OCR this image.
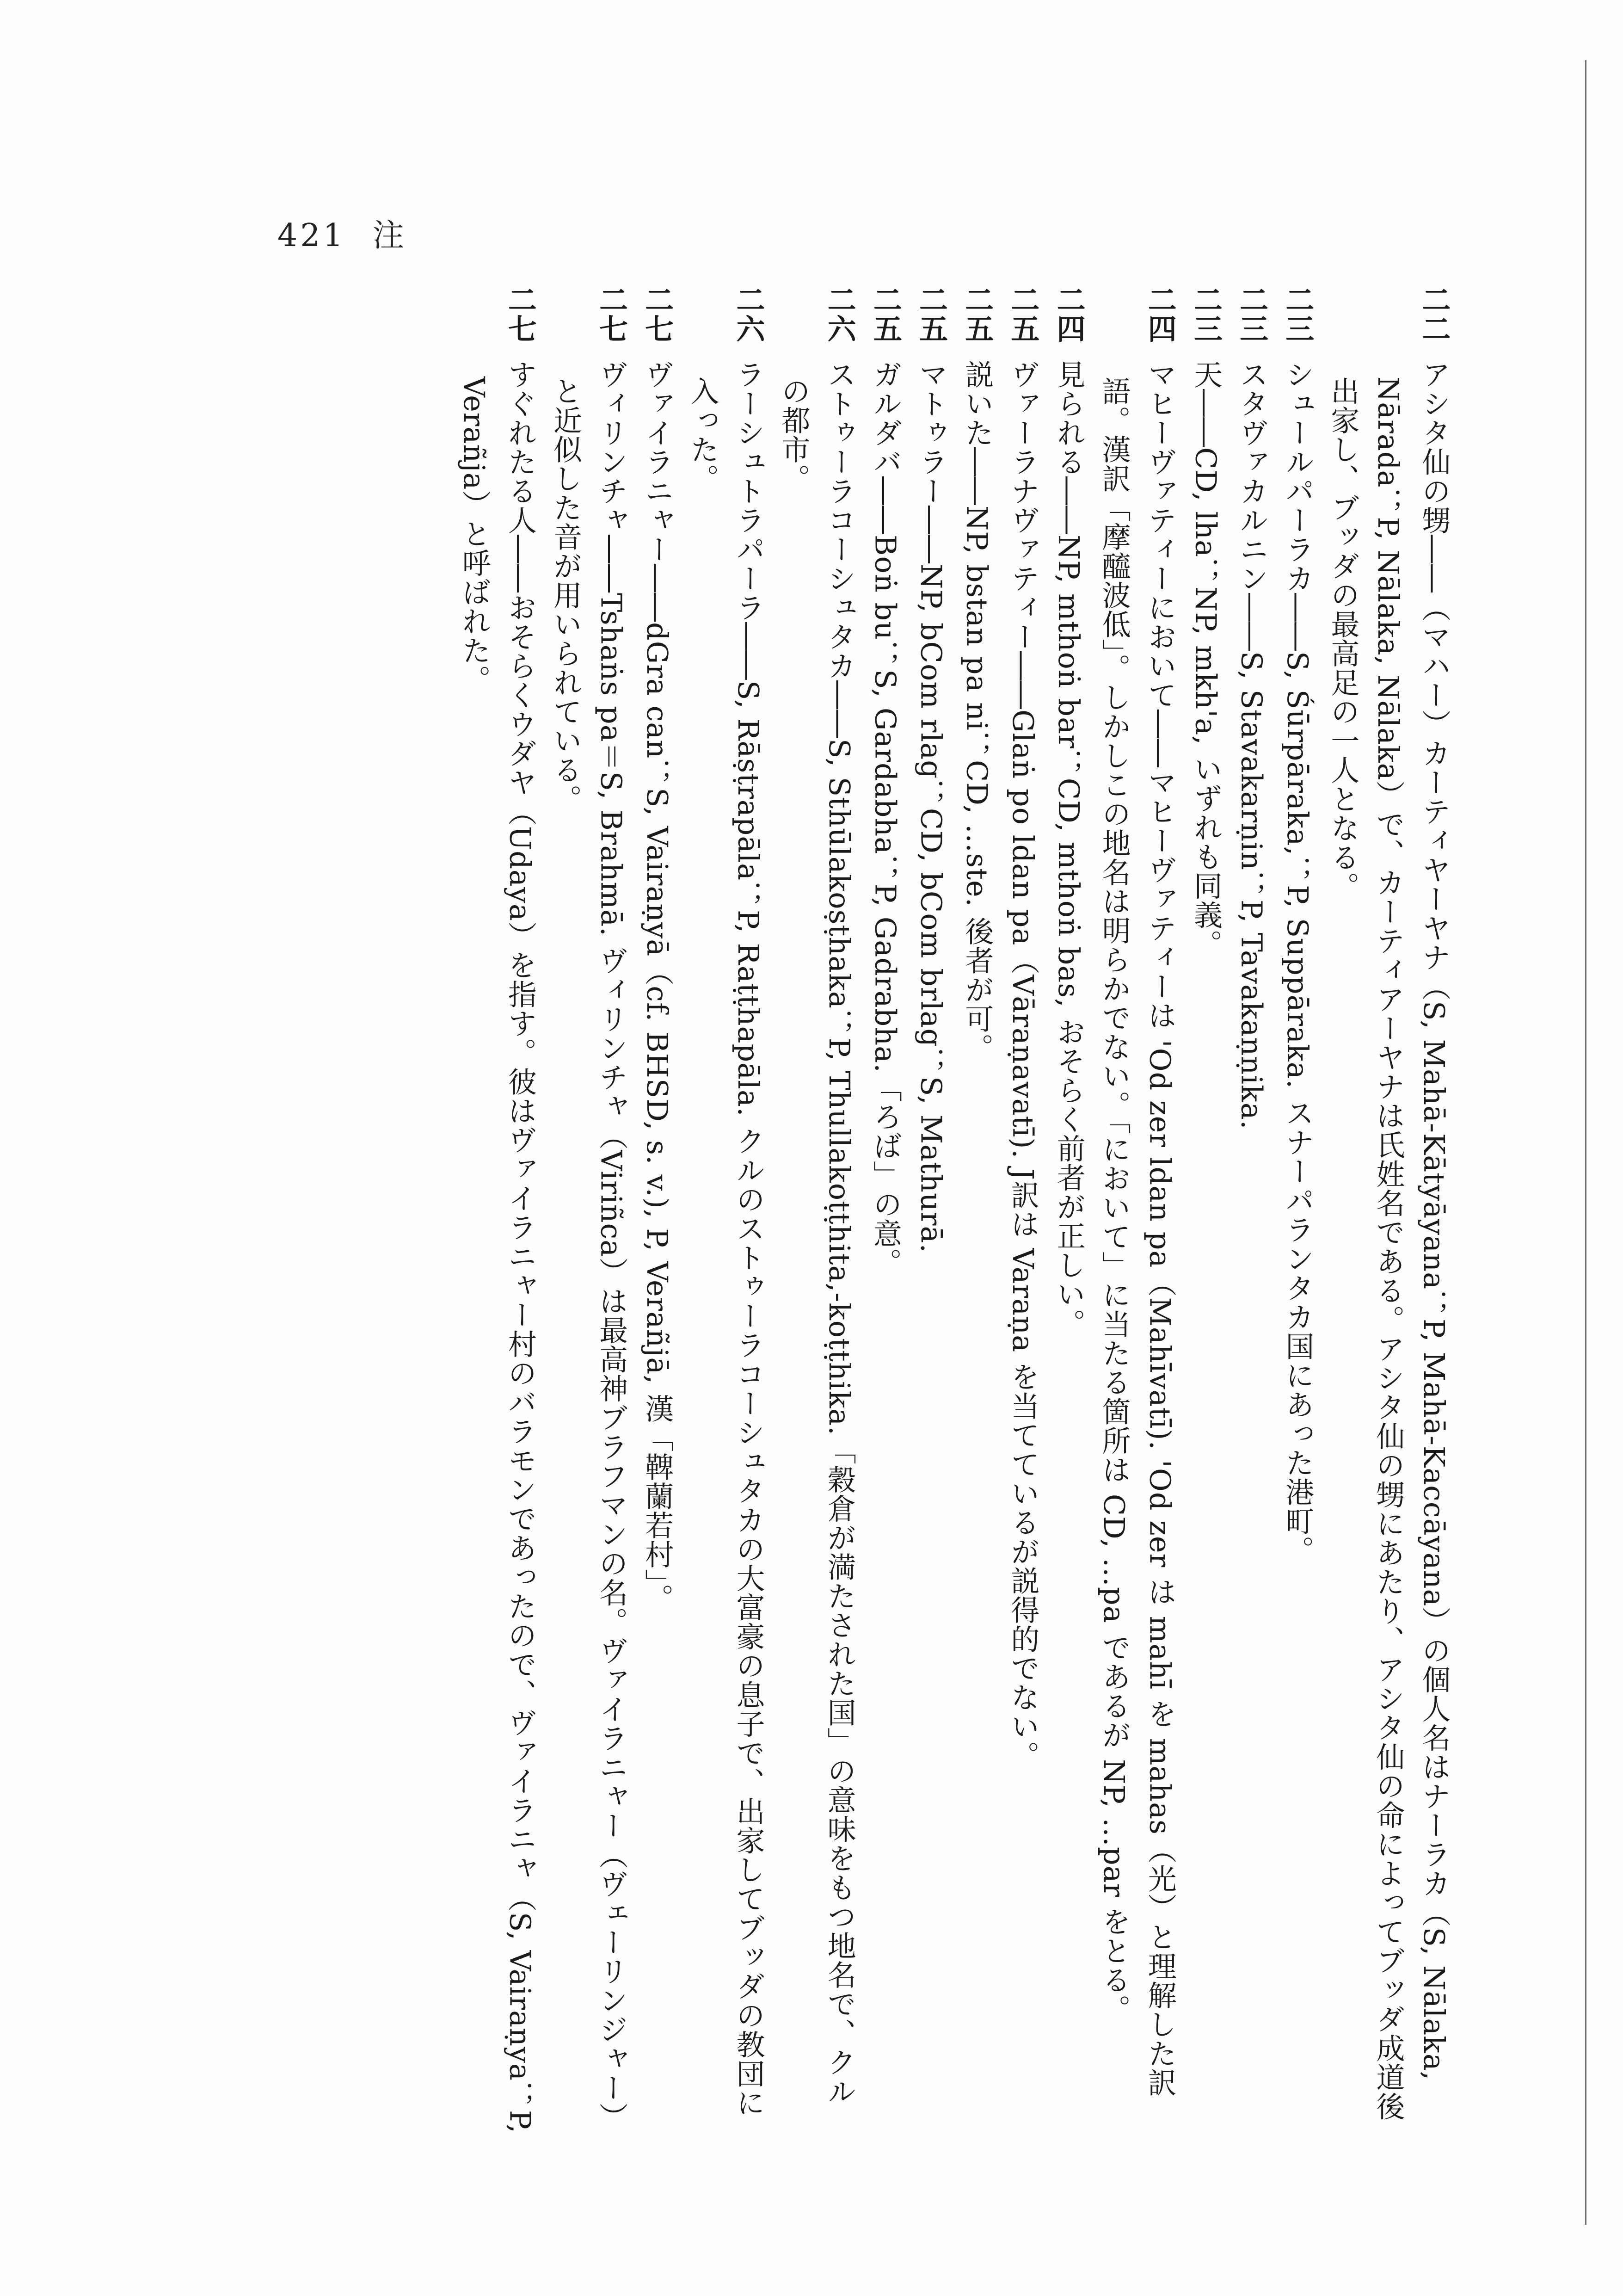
421 注
二二アシタ仙の甥――（マハー）カーティヤーヤナ（S, Mahā-Kātyāyana；P, Mahā-Kaccāyana）の個人名はナーラカ（S, Nālaka, Nārada；P, Nālaka, Nālaka）で、カーティアーヤナは氏姓名である。アシタ仙の甥にあたり、アシタ仙の命によってブッダ成道後出家し、ブッダの最高足の一人となる。
二三シュールパーラカ――S, Śūrpāraka,；P, Suppāraka. スナーパランタカ国にあった港町。
二三スタヴァカルニン――S, Stavakarṇin；P, Tavakaṇṇika.
二三天――CD, lha；NP, mkh'a, いずれも同義。
二四マヒーヴァティーにおいて――マヒーヴァティーは 'Od zer ldan pa（Mahīvatī). 'Od zer は mahī を mahas（光）と理解した訳語。漢訳「摩醯波低」。しかしこの地名は明らかでない。「において」に当たる箇所は CD, …pa であるが NP, …par をとる。
二四見られる――NP, mthoṅ bar；CD, mthoṅ bas, おそらく前者が正しい。
二五ヴァーラナヴァティー――Glaṅ po ldan pa（Vāraṇavatī). J訳は Varaṇa を当てているが説得的でない。
二五説いた――NP, bstan pa ni；CD, …ste. 後者が可。
二五マトゥラー――NP, bCom rlag；CD, bCom brlag；S, Mathurā.
二五ガルダバ――Boṅ bu；S, Gardabha；P, Gadrabha.「ろば」の意。
二六ストゥーラコーシュタカ――S, Sthūlakoṣṭhaka；P, Thullakoṭṭhita,-koṭṭhika.「穀倉が満たされた国」の意味をもつ地名で、クルの都市。
二六ラーシュトラパーラ――S, Rāṣṭrapāla；P, Raṭṭhapāla. クルのストゥーラコーシュタカの大富豪の息子で、出家してブッダの教団に入った。
二七ヴァイラニャー――dGra can；S, Vairaṇyā（cf. BHSD, s. v.), P, Verañjā, 漢「鞞蘭若村」。
二七ヴィリンチャ――Tshaṅs pa＝S, Brahmā. ヴィリンチャ（Viriñca）は最高神ブラフマンの名。ヴァイラニャー（ヴェーリンジャー）と近似した音が用いられている。
二七すぐれたる人――おそらくウダヤ（Udaya）を指す。彼はヴァイラニャー村のバラモンであったので、ヴァイラニャ（S, Vairaṇya；P, Verañja）と呼ばれた。
